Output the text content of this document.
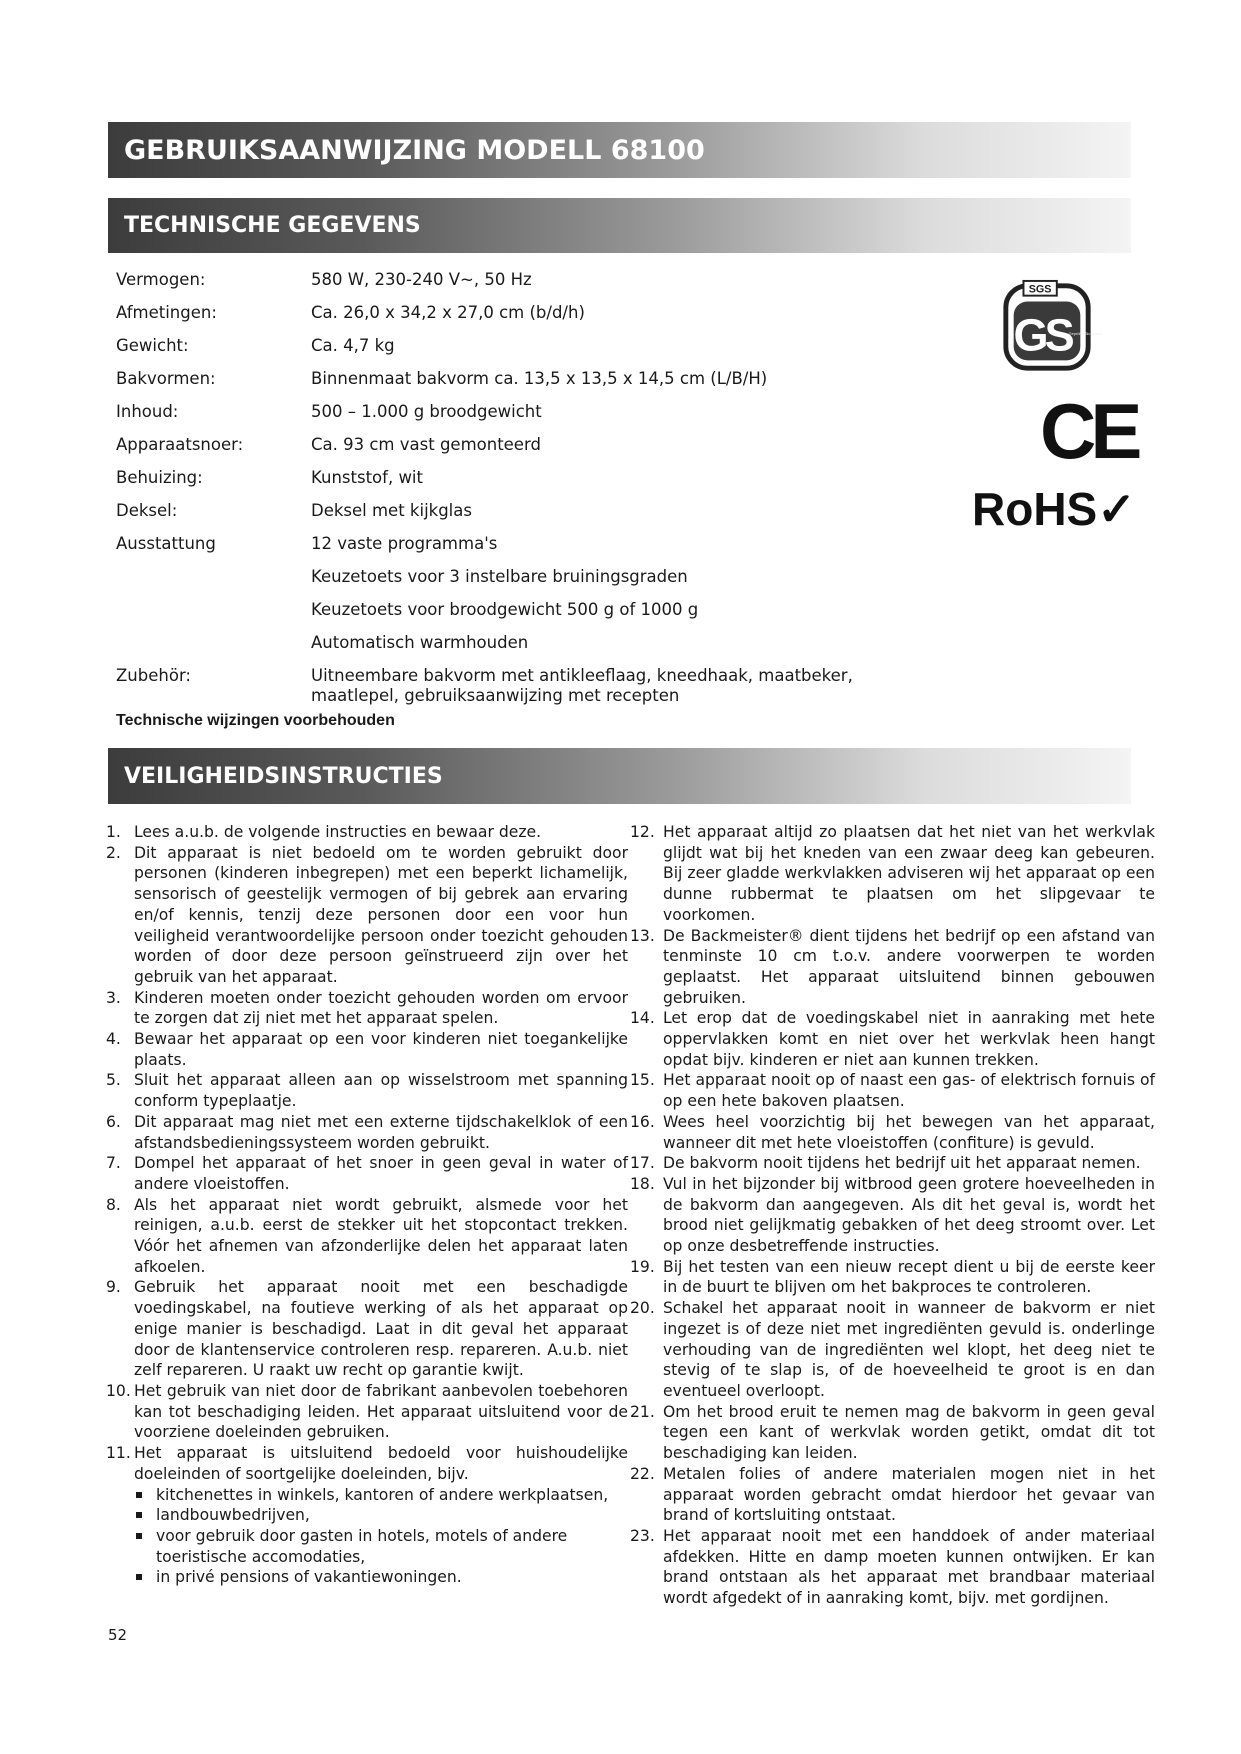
GEBRUIKSAANWIJZING MODELL 68100
TECHNISCHE GEGEVENS
Vermogen:	580 W, 230-240 V~, 50 Hz
Afmetingen:	Ca. 26,0 x 34,2 x 27,0 cm (b/d/h)
Gewicht:	Ca. 4,7 kg
Bakvormen:	Binnenmaat bakvorm ca. 13,5 x 13,5 x 14,5 cm (L/B/H)
Inhoud:	500 – 1.000 g broodgewicht
Apparaatsnoer:	Ca. 93 cm vast gemonteerd
Behuizing:	Kunststof, wit
Deksel:	Deksel met kijkglas
Ausstattung	12 vaste programma's
Keuzetoets voor 3 instelbare bruiningsgraden
Keuzetoets voor broodgewicht 500 g of 1000 g
Automatisch warmhouden
Zubehör:	Uitneembare bakvorm met antikleeflaag, kneedhaak, maatbeker, maatlepel, gebruiksaanwijzing met recepten
Technische wijzingen voorbehouden
SGS
GS
Geprüfte Sicherheit
CE
RoHS✓
VEILIGHEIDSINSTRUCTIES
1. Lees a.u.b. de volgende instructies en bewaar deze.
2. Dit apparaat is niet bedoeld om te worden gebruikt door personen (kinderen inbegrepen) met een beperkt lichamelijk, sensorisch of geestelijk vermogen of bij gebrek aan ervaring en/of kennis, tenzij deze personen door een voor hun veiligheid verantwoordelijke persoon onder toezicht gehouden worden of door deze persoon geïnstrueerd zijn over het gebruik van het apparaat.
3. Kinderen moeten onder toezicht gehouden worden om ervoor te zorgen dat zij niet met het apparaat spelen.
4. Bewaar het apparaat op een voor kinderen niet toegankelijke plaats.
5. Sluit het apparaat alleen aan op wisselstroom met spanning conform typeplaatje.
6. Dit apparaat mag niet met een externe tijdschakelklok of een afstandsbedieningssysteem worden gebruikt.
7. Dompel het apparaat of het snoer in geen geval in water of andere vloeistoffen.
8. Als het apparaat niet wordt gebruikt, alsmede voor het reinigen, a.u.b. eerst de stekker uit het stopcontact trekken. Vóór het afnemen van afzonderlijke delen het apparaat laten afkoelen.
9. Gebruik het apparaat nooit met een beschadigde voedingskabel, na foutieve werking of als het apparaat op enige manier is beschadigd. Laat in dit geval het apparaat door de klantenservice controleren resp. repareren. A.u.b. niet zelf repareren. U raakt uw recht op garantie kwijt.
10. Het gebruik van niet door de fabrikant aanbevolen toebehoren kan tot beschadiging leiden. Het apparaat uitsluitend voor de voorziene doeleinden gebruiken.
11. Het apparaat is uitsluitend bedoeld voor huishoudelijke doeleinden of soortgelijke doeleinden, bijv.
kitchenettes in winkels, kantoren of andere werkplaatsen,
landbouwbedrijven,
voor gebruik door gasten in hotels, motels of andere toeristische accomodaties,
in privé pensions of vakantiewoningen.
12. Het apparaat altijd zo plaatsen dat het niet van het werkvlak glijdt wat bij het kneden van een zwaar deeg kan gebeuren. Bij zeer gladde werkvlakken adviseren wij het apparaat op een dunne rubbermat te plaatsen om het slipgevaar te voorkomen.
13. De Backmeister® dient tijdens het bedrijf op een afstand van tenminste 10 cm t.o.v. andere voorwerpen te worden geplaatst. Het apparaat uitsluitend binnen gebouwen gebruiken.
14. Let erop dat de voedingskabel niet in aanraking met hete oppervlakken komt en niet over het werkvlak heen hangt opdat bijv. kinderen er niet aan kunnen trekken.
15. Het apparaat nooit op of naast een gas- of elektrisch fornuis of op een hete bakoven plaatsen.
16. Wees heel voorzichtig bij het bewegen van het apparaat, wanneer dit met hete vloeistoffen (confiture) is gevuld.
17. De bakvorm nooit tijdens het bedrijf uit het apparaat nemen.
18. Vul in het bijzonder bij witbrood geen grotere hoeveelheden in de bakvorm dan aangegeven. Als dit het geval is, wordt het brood niet gelijkmatig gebakken of het deeg stroomt over. Let op onze desbetreffende instructies.
19. Bij het testen van een nieuw recept dient u bij de eerste keer in de buurt te blijven om het bakproces te controleren.
20. Schakel het apparaat nooit in wanneer de bakvorm er niet ingezet is of deze niet met ingrediënten gevuld is. onderlinge verhouding van de ingrediënten wel klopt, het deeg niet te stevig of te slap is, of de hoeveelheid te groot is en dan eventueel overloopt.
21. Om het brood eruit te nemen mag de bakvorm in geen geval tegen een kant of werkvlak worden getikt, omdat dit tot beschadiging kan leiden.
22. Metalen folies of andere materialen mogen niet in het apparaat worden gebracht omdat hierdoor het gevaar van brand of kortsluiting ontstaat.
23. Het apparaat nooit met een handdoek of ander materiaal afdekken. Hitte en damp moeten kunnen ontwijken. Er kan brand ontstaan als het apparaat met brandbaar materiaal wordt afgedekt of in aanraking komt, bijv. met gordijnen.
52
